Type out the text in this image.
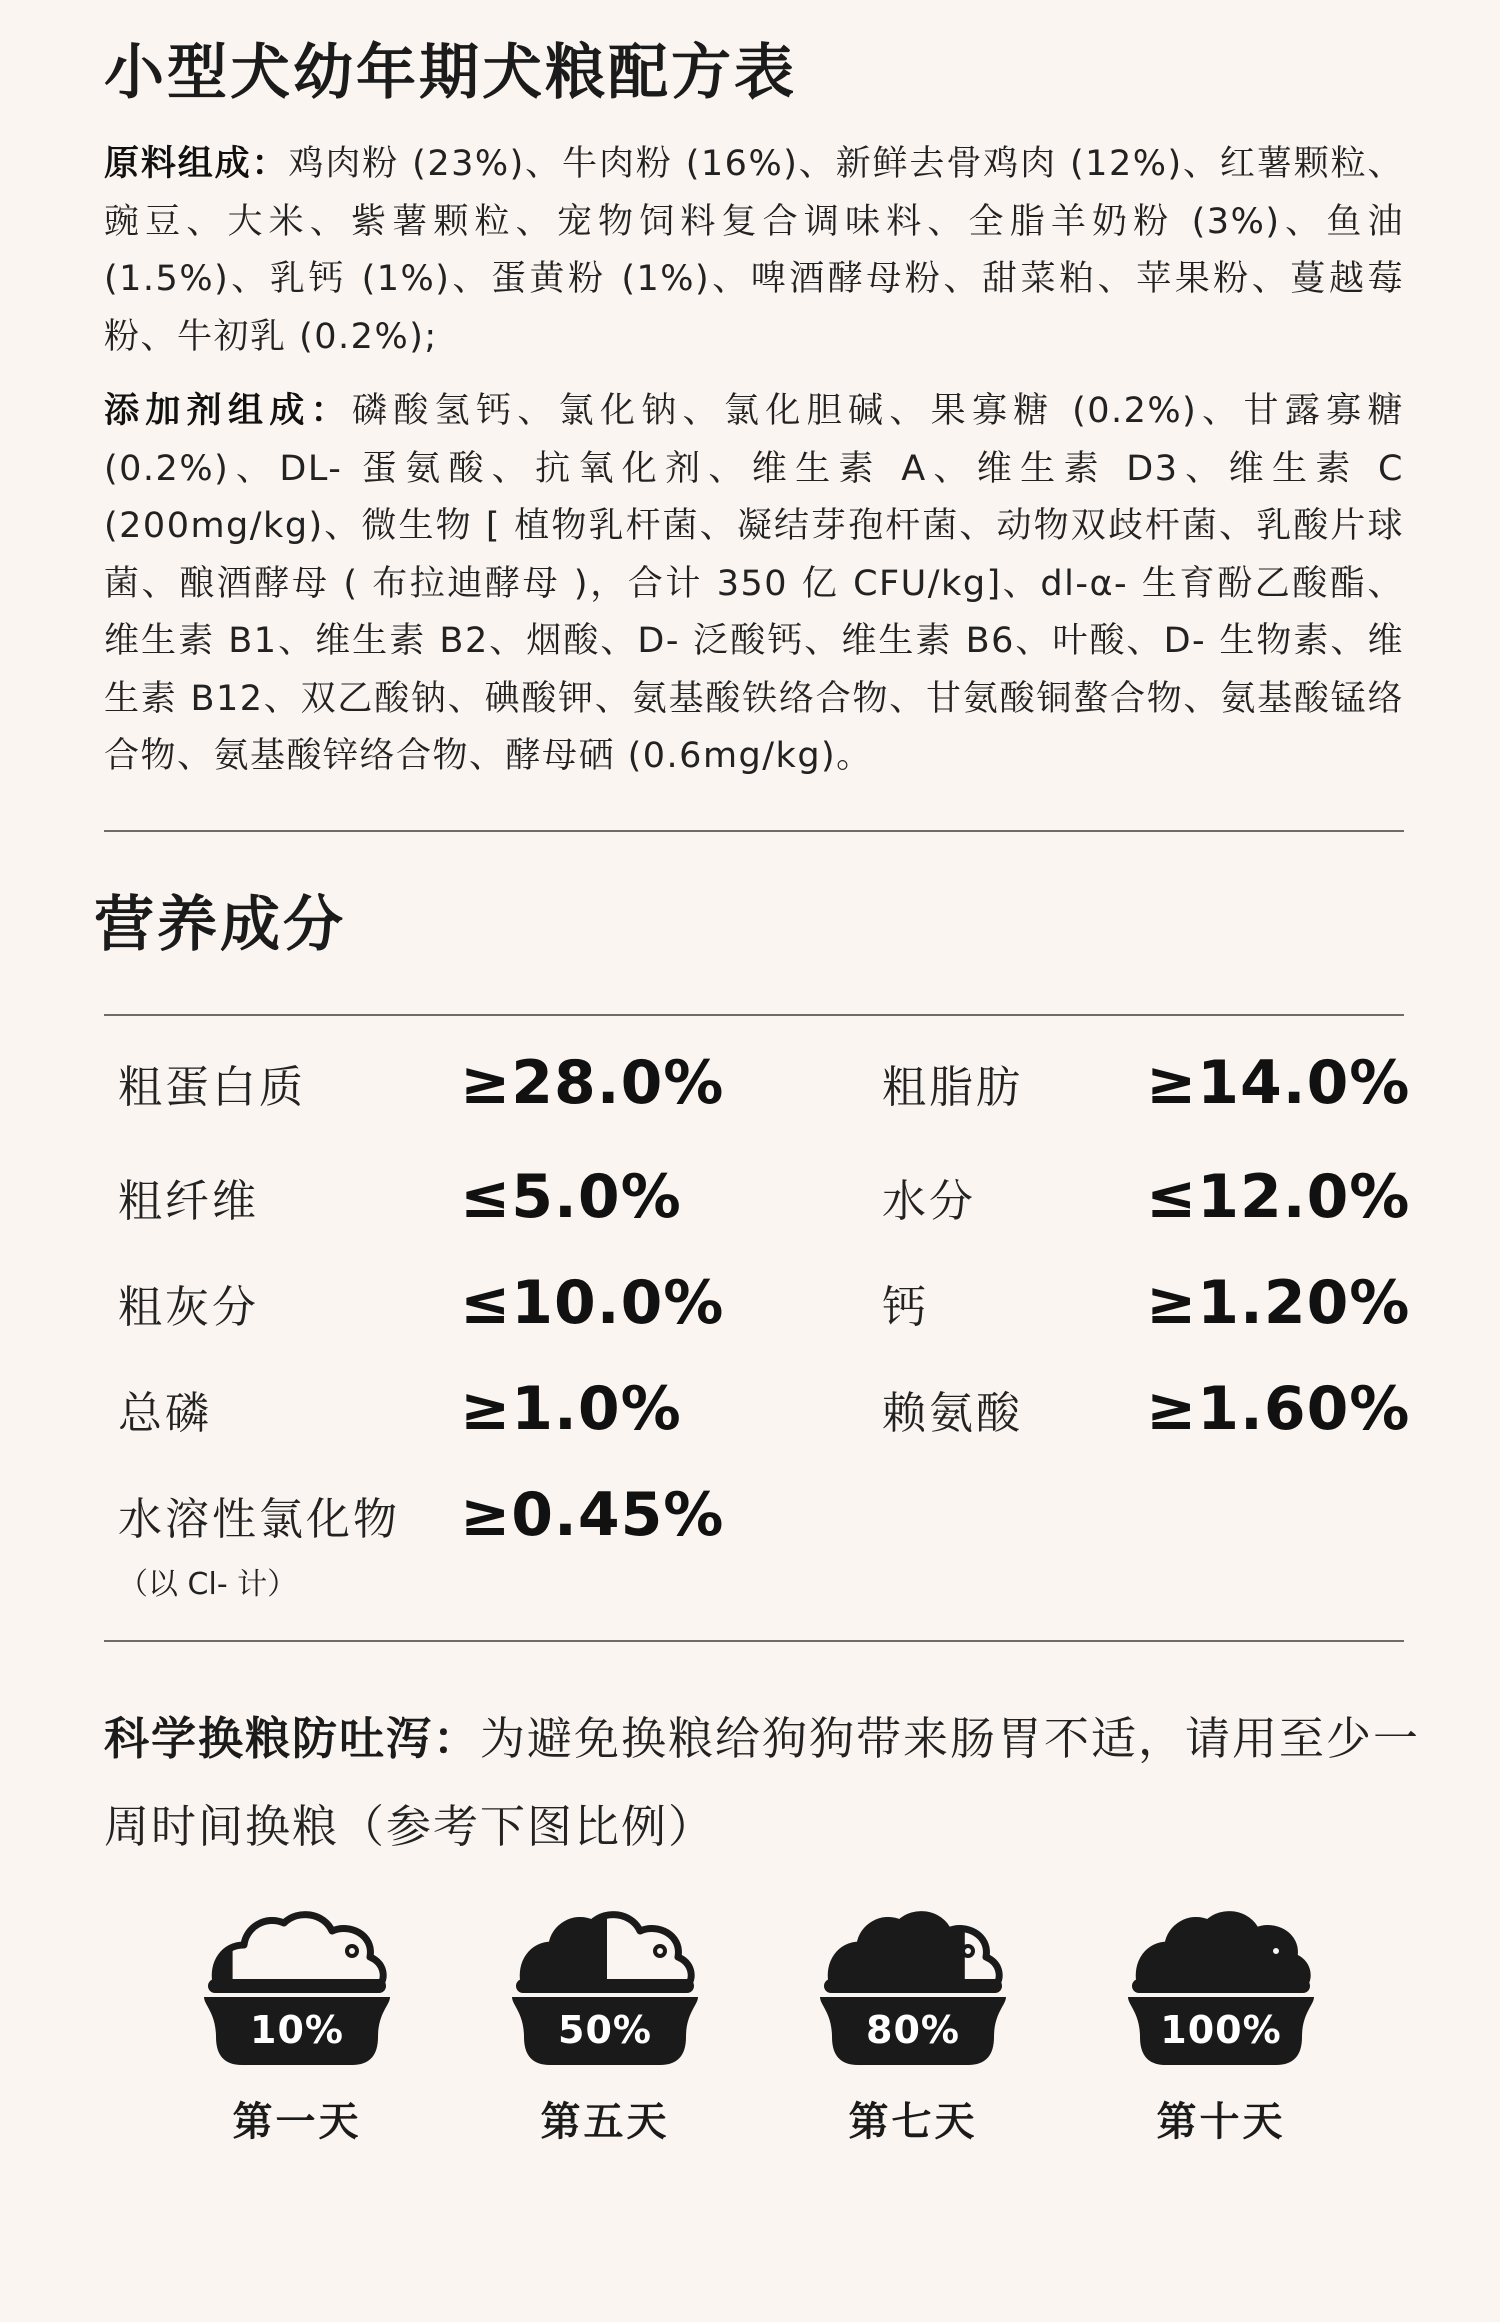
小型犬幼年期犬粮配方表

原料组成：鸡肉粉 (23%)、牛肉粉 (16%)、新鲜去骨鸡肉 (12%)、红薯颗粒、豌豆、大米、紫薯颗粒、宠物饲料复合调味料、全脂羊奶粉 (3%)、鱼油 (1.5%)、乳钙 (1%)、蛋黄粉 (1%)、啤酒酵母粉、甜菜粕、苹果粉、蔓越莓粉、牛初乳 (0.2%);

添加剂组成：磷酸氢钙、氯化钠、氯化胆碱、果寡糖 (0.2%)、甘露寡糖 (0.2%)、DL- 蛋氨酸、抗氧化剂、维生素 A、维生素 D3、维生素 C (200mg/kg)、微生物 [ 植物乳杆菌、凝结芽孢杆菌、动物双歧杆菌、乳酸片球菌、酿酒酵母 ( 布拉迪酵母 )，合计 350 亿 CFU/kg]、dl-α- 生育酚乙酸酯、维生素 B1、维生素 B2、烟酸、D- 泛酸钙、维生素 B6、叶酸、D- 生物素、维生素 B12、双乙酸钠、碘酸钾、氨基酸铁络合物、甘氨酸铜螯合物、氨基酸锰络合物、氨基酸锌络合物、酵母硒 (0.6mg/kg)。

营养成分
粗蛋白质	≥28.0%	粗脂肪 ≥14.0%
粗纤维	≤5.0%	水分	≤12.0%
粗灰分	≤10.0%	钙	≥1.20%
总磷	≥1.0%	赖氨酸 ≥1.60%
水溶性氯化物 ≥0.45%
（以 Cl- 计）

科学换粮防吐泻：为避免换粮给狗狗带来肠胃不适，请用至少一周时间换粮（参考下图比例）

10%	50%	80%	100%
第一天	第五天	第七天	第十天
